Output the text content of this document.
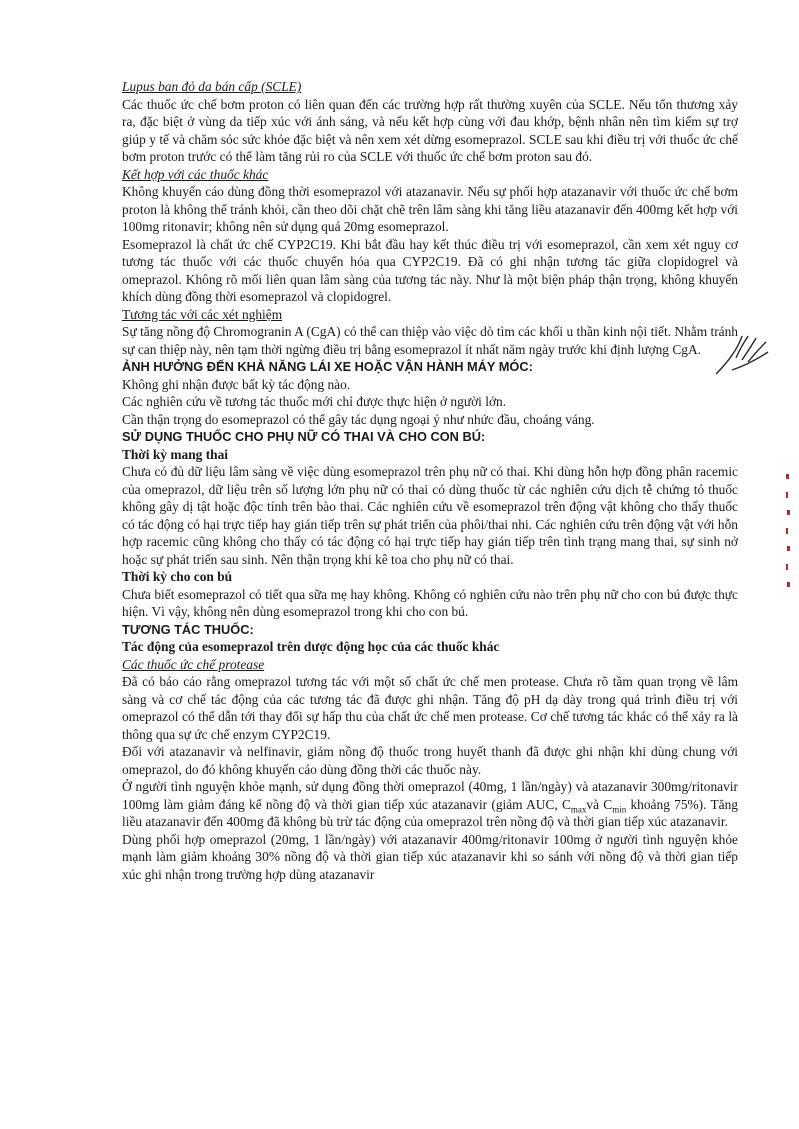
Lupus ban đỏ da bán cấp (SCLE)

Các thuốc ức chế bơm proton có liên quan đến các trường hợp rất thường xuyên của SCLE. Nếu tổn thương xảy ra, đặc biệt ở vùng da tiếp xúc với ánh sáng, và nếu kết hợp cùng với đau khớp, bệnh nhân nên tìm kiếm sự trợ giúp y tế và chăm sóc sức khỏe đặc biệt và nên xem xét dừng esomeprazol. SCLE sau khi điều trị với thuốc ức chế bơm proton trước có thể làm tăng rủi ro của SCLE với thuốc ức chế bơm proton sau đó.

Kết hợp với các thuốc khác

Không khuyến cáo dùng đồng thời esomeprazol với atazanavir. Nếu sự phối hợp atazanavir với thuốc ức chế bơm proton là không thể tránh khỏi, cần theo dõi chặt chẽ trên lâm sàng khi tăng liều atazanavir đến 400mg kết hợp với 100mg ritonavir; không nên sử dụng quá 20mg esomeprazol.

Esomeprazol là chất ức chế CYP2C19. Khi bắt đầu hay kết thúc điều trị với esomeprazol, cần xem xét nguy cơ tương tác thuốc với các thuốc chuyển hóa qua CYP2C19. Đã có ghi nhận tương tác giữa clopidogrel và omeprazol. Không rõ mối liên quan lâm sàng của tương tác này. Như là một biện pháp thận trọng, không khuyến khích dùng đồng thời esomeprazol và clopidogrel.

Tương tác với các xét nghiệm

Sự tăng nồng độ Chromogranin A (CgA) có thể can thiệp vào việc dò tìm các khối u thần kinh nội tiết. Nhằm tránh sự can thiệp này, nên tạm thời ngừng điều trị bằng esomeprazol ít nhất năm ngày trước khi định lượng CgA.

ẢNH HƯỞNG ĐẾN KHẢ NĂNG LÁI XE HOẶC VẬN HÀNH MÁY MÓC:

Không ghi nhận được bất kỳ tác động nào.

Các nghiên cứu về tương tác thuốc mới chỉ được thực hiện ở người lớn.

Cần thận trọng do esomeprazol có thể gây tác dụng ngoại ý như nhức đầu, choáng váng.

SỬ DỤNG THUỐC CHO PHỤ NỮ CÓ THAI VÀ CHO CON BÚ:
Thời kỳ mang thai

Chưa có đủ dữ liệu lâm sàng về việc dùng esomeprazol trên phụ nữ có thai. Khi dùng hỗn hợp đồng phân racemic của omeprazol, dữ liệu trên số lượng lớn phụ nữ có thai có dùng thuốc từ các nghiên cứu dịch tễ chứng tỏ thuốc không gây dị tật hoặc độc tính trên bào thai. Các nghiên cứu về esomeprazol trên động vật không cho thấy thuốc có tác động có hại trực tiếp hay gián tiếp trên sự phát triển của phôi/thai nhi. Các nghiên cứu trên động vật với hỗn hợp racemic cũng không cho thấy có tác động có hại trực tiếp hay gián tiếp trên tình trạng mang thai, sự sinh nở hoặc sự phát triển sau sinh. Nên thận trọng khi kê toa cho phụ nữ có thai.

Thời kỳ cho con bú

Chưa biết esomeprazol có tiết qua sữa mẹ hay không. Không có nghiên cứu nào trên phụ nữ cho con bú được thực hiện. Vì vậy, không nên dùng esomeprazol trong khi cho con bú.

TƯƠNG TÁC THUỐC:
Tác động của esomeprazol trên dược động học của các thuốc khác
Các thuốc ức chế protease

Đã có báo cáo rằng omeprazol tương tác với một số chất ức chế men protease. Chưa rõ tầm quan trọng về lâm sàng và cơ chế tác động của các tương tác đã được ghi nhận. Tăng độ pH dạ dày trong quá trình điều trị với omeprazol có thể dẫn tới thay đổi sự hấp thu của chất ức chế men protease. Cơ chế tương tác khác có thể xảy ra là thông qua sự ức chế enzym CYP2C19.

Đối với atazanavir và nelfinavir, giảm nồng độ thuốc trong huyết thanh đã được ghi nhận khi dùng chung với omeprazol, do đó không khuyến cáo dùng đồng thời các thuốc này.

Ở người tình nguyện khỏe mạnh, sử dụng đồng thời omeprazol (40mg, 1 lần/ngày) và atazanavir 300mg/ritonavir 100mg làm giảm đáng kể nồng độ và thời gian tiếp xúc atazanavir (giảm AUC, $C_{max}và$ $C_{min}$ khoảng 75%). Tăng liều atazanavir đến 400mg đã không bù trừ tác động của omeprazol trên nồng độ và thời gian tiếp xúc atazanavir.

Dùng phối hợp omeprazol (20mg, 1 lần/ngày) với atazanavir 400mg/ritonavir 100mg ở người tình nguyện khỏe mạnh làm giảm khoảng 30% nồng độ và thời gian tiếp xúc atazanavir khi so sánh với nồng độ và thời gian tiếp xúc ghi nhận trong trường hợp dùng atazanavir
